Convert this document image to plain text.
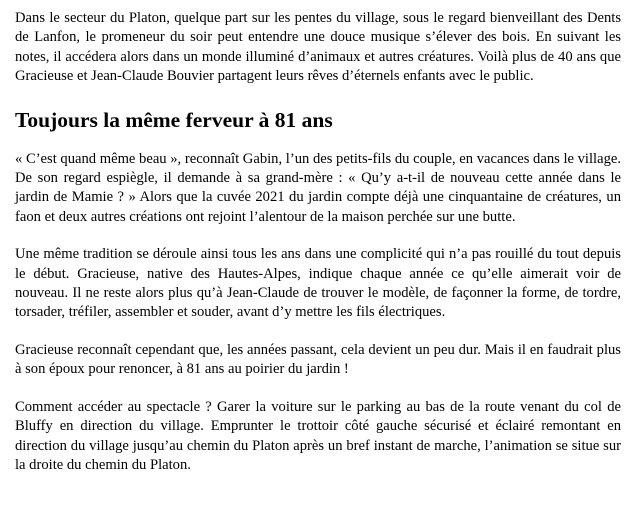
Dans le secteur du Platon, quelque part sur les pentes du village, sous le regard bienveillant des Dents de Lanfon, le promeneur du soir peut entendre une douce musique s’élever des bois. En suivant les notes, il accédera alors dans un monde illuminé d’animaux et autres créatures. Voilà plus de 40 ans que Gracieuse et Jean-Claude Bouvier partagent leurs rêves d’éternels enfants avec le public.

Toujours la même ferveur à 81 ans

« C’est quand même beau », reconnaît Gabin, l’un des petits-fils du couple, en vacances dans le village. De son regard espiègle, il demande à sa grand-mère : « Qu’y a-t-il de nouveau cette année dans le jardin de Mamie ? » Alors que la cuvée 2021 du jardin compte déjà une cinquantaine de créatures, un faon et deux autres créations ont rejoint l’alentour de la maison perchée sur une butte.

Une même tradition se déroule ainsi tous les ans dans une complicité qui n’a pas rouillé du tout depuis le début. Gracieuse, native des Hautes-Alpes, indique chaque année ce qu’elle aimerait voir de nouveau. Il ne reste alors plus qu’à Jean-Claude de trouver le modèle, de façonner la forme, de tordre, torsader, tréfiler, assembler et souder, avant d’y mettre les fils électriques.

Gracieuse reconnaît cependant que, les années passant, cela devient un peu dur. Mais il en faudrait plus à son époux pour renoncer, à 81 ans au poirier du jardin !

Comment accéder au spectacle ? Garer la voiture sur le parking au bas de la route venant du col de Bluffy en direction du village. Emprunter le trottoir côté gauche sécurisé et éclairé remontant en direction du village jusqu’au chemin du Platon après un bref instant de marche, l’animation se situe sur la droite du chemin du Platon.
